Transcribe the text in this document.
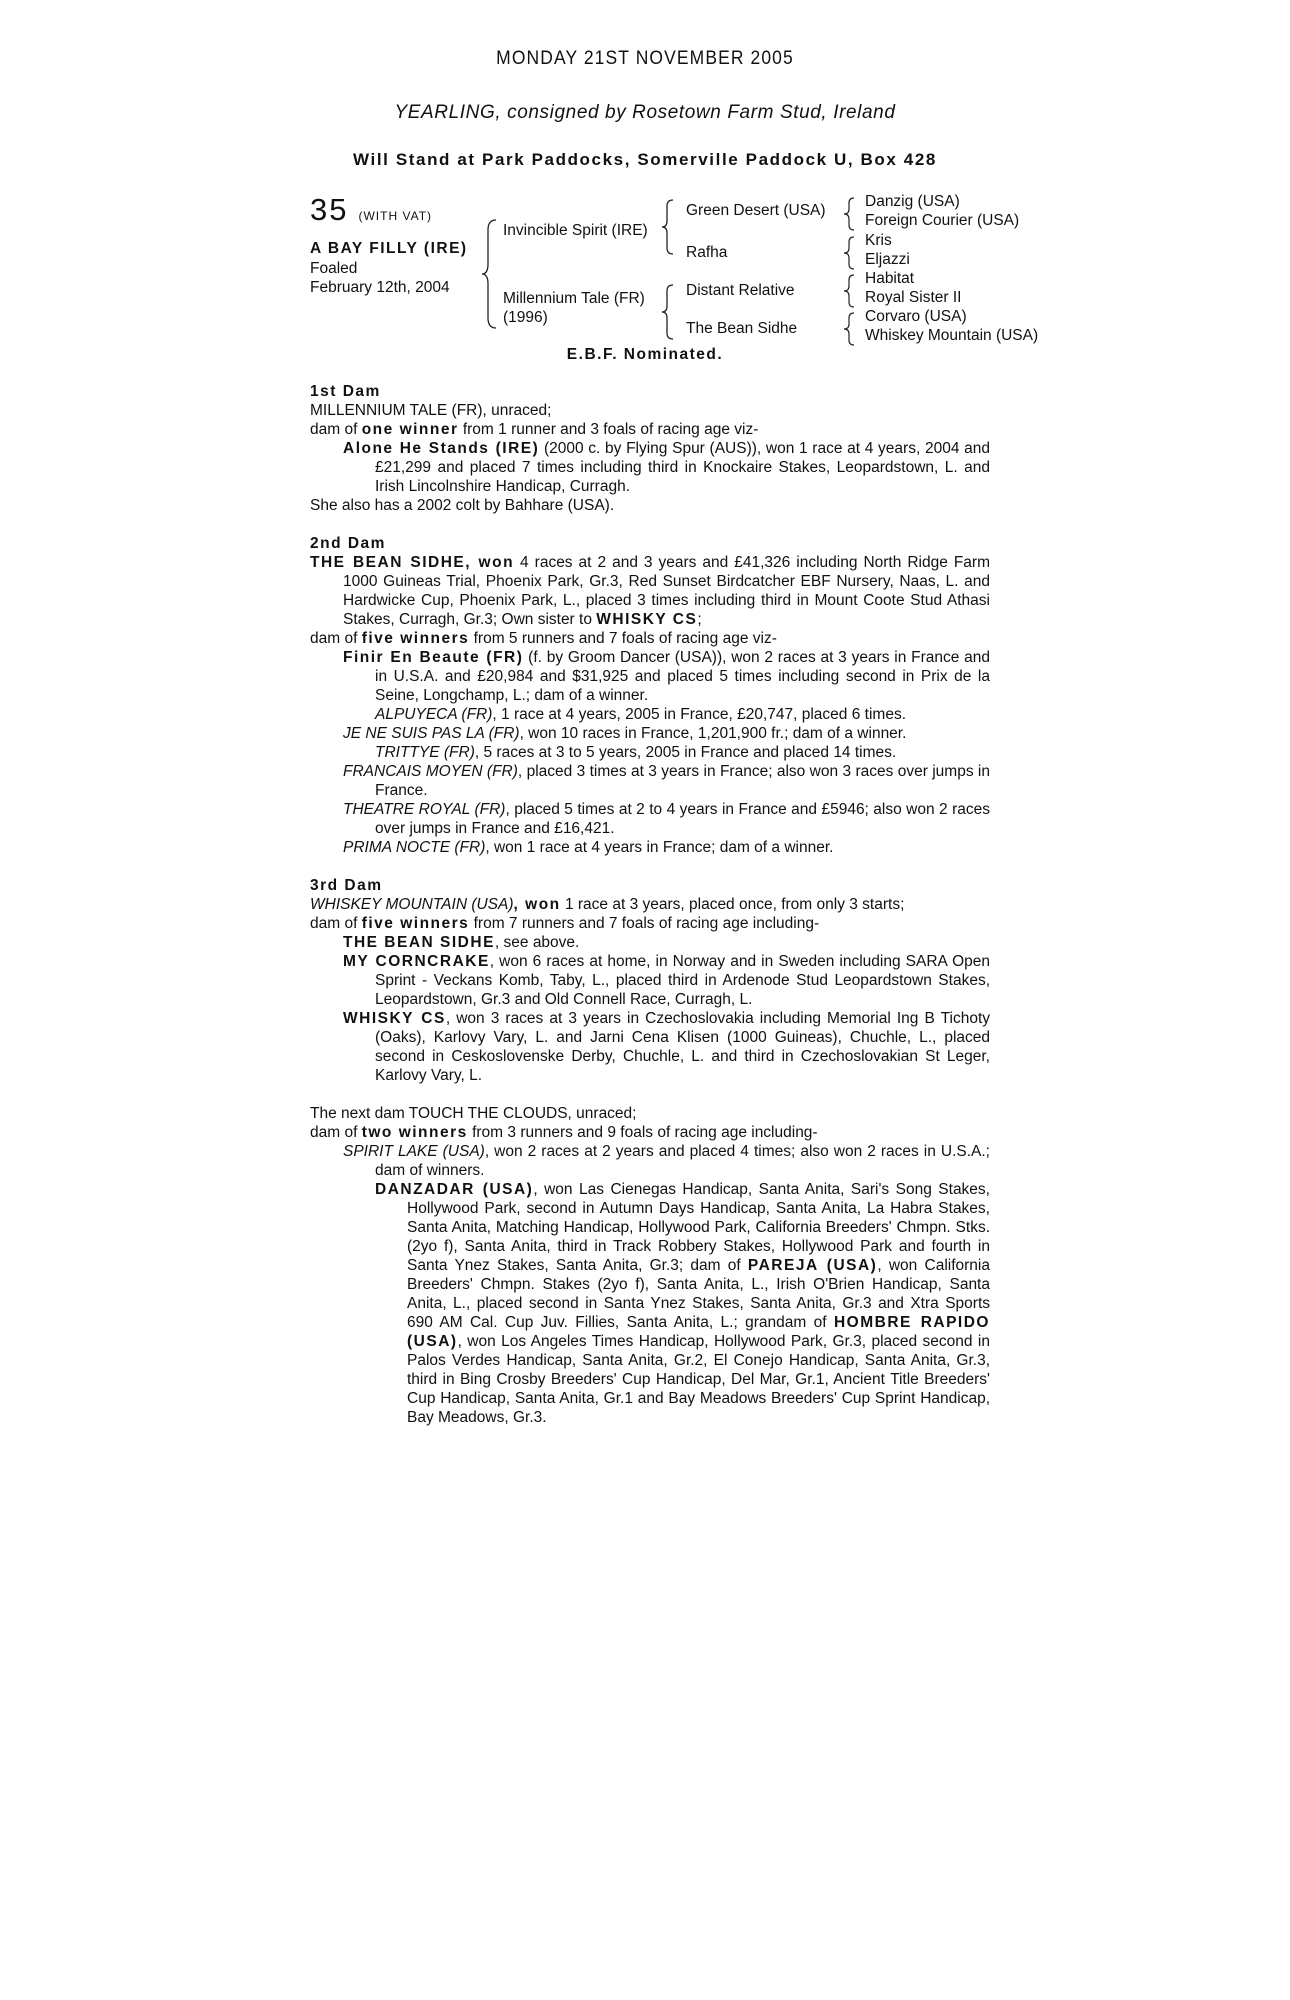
MONDAY 21ST NOVEMBER 2005
YEARLING, consigned by Rosetown Farm Stud, Ireland
Will Stand at Park Paddocks, Somerville Paddock U, Box 428
35 (WITH VAT)
A BAY FILLY (IRE)
Foaled
February 12th, 2004
Invincible Spirit (IRE)
Millennium Tale (FR)
(1996)
Green Desert (USA)
Rafha
Distant Relative
The Bean Sidhe
Danzig (USA)
Foreign Courier (USA)
Kris
Eljazzi
Habitat
Royal Sister II
Corvaro (USA)
Whiskey Mountain (USA)
E.B.F. Nominated.

1st Dam

MILLENNIUM TALE (FR), unraced;

dam of one winner from 1 runner and 3 foals of racing age viz-

Alone He Stands (IRE) (2000 c. by Flying Spur (AUS)), won 1 race at 4 years, 2004 and £21,299 and placed 7 times including third in Knockaire Stakes, Leopardstown, L. and Irish Lincolnshire Handicap, Curragh.

She also has a 2002 colt by Bahhare (USA).

2nd Dam

THE BEAN SIDHE, won 4 races at 2 and 3 years and £41,326 including North Ridge Farm 1000 Guineas Trial, Phoenix Park, Gr.3, Red Sunset Birdcatcher EBF Nursery, Naas, L. and Hardwicke Cup, Phoenix Park, L., placed 3 times including third in Mount Coote Stud Athasi Stakes, Curragh, Gr.3; Own sister to WHISKY CS;

dam of five winners from 5 runners and 7 foals of racing age viz-

Finir En Beaute (FR) (f. by Groom Dancer (USA)), won 2 races at 3 years in France and in U.S.A. and £20,984 and $31,925 and placed 5 times including second in Prix de la Seine, Longchamp, L.; dam of a winner.

ALPUYECA (FR), 1 race at 4 years, 2005 in France, £20,747, placed 6 times.

JE NE SUIS PAS LA (FR), won 10 races in France, 1,201,900 fr.; dam of a winner.

TRITTYE (FR), 5 races at 3 to 5 years, 2005 in France and placed 14 times.

FRANCAIS MOYEN (FR), placed 3 times at 3 years in France; also won 3 races over jumps in France.

THEATRE ROYAL (FR), placed 5 times at 2 to 4 years in France and £5946; also won 2 races over jumps in France and £16,421.

PRIMA NOCTE (FR), won 1 race at 4 years in France; dam of a winner.

3rd Dam

WHISKEY MOUNTAIN (USA), won 1 race at 3 years, placed once, from only 3 starts;

dam of five winners from 7 runners and 7 foals of racing age including-

THE BEAN SIDHE, see above.

MY CORNCRAKE, won 6 races at home, in Norway and in Sweden including SARA Open Sprint - Veckans Komb, Taby, L., placed third in Ardenode Stud Leopardstown Stakes, Leopardstown, Gr.3 and Old Connell Race, Curragh, L.

WHISKY CS, won 3 races at 3 years in Czechoslovakia including Memorial Ing B Tichoty (Oaks), Karlovy Vary, L. and Jarni Cena Klisen (1000 Guineas), Chuchle, L., placed second in Ceskoslovenske Derby, Chuchle, L. and third in Czechoslovakian St Leger, Karlovy Vary, L.

The next dam TOUCH THE CLOUDS, unraced;

dam of two winners from 3 runners and 9 foals of racing age including-

SPIRIT LAKE (USA), won 2 races at 2 years and placed 4 times; also won 2 races in U.S.A.; dam of winners.

DANZADAR (USA), won Las Cienegas Handicap, Santa Anita, Sari's Song Stakes, Hollywood Park, second in Autumn Days Handicap, Santa Anita, La Habra Stakes, Santa Anita, Matching Handicap, Hollywood Park, California Breeders' Chmpn. Stks.(2yo f), Santa Anita, third in Track Robbery Stakes, Hollywood Park and fourth in Santa Ynez Stakes, Santa Anita, Gr.3; dam of PAREJA (USA), won California Breeders' Chmpn. Stakes (2yo f), Santa Anita, L., Irish O'Brien Handicap, Santa Anita, L., placed second in Santa Ynez Stakes, Santa Anita, Gr.3 and Xtra Sports 690 AM Cal. Cup Juv. Fillies, Santa Anita, L.; grandam of HOMBRE RAPIDO (USA), won Los Angeles Times Handicap, Hollywood Park, Gr.3, placed second in Palos Verdes Handicap, Santa Anita, Gr.2, El Conejo Handicap, Santa Anita, Gr.3, third in Bing Crosby Breeders' Cup Handicap, Del Mar, Gr.1, Ancient Title Breeders' Cup Handicap, Santa Anita, Gr.1 and Bay Meadows Breeders' Cup Sprint Handicap, Bay Meadows, Gr.3.
